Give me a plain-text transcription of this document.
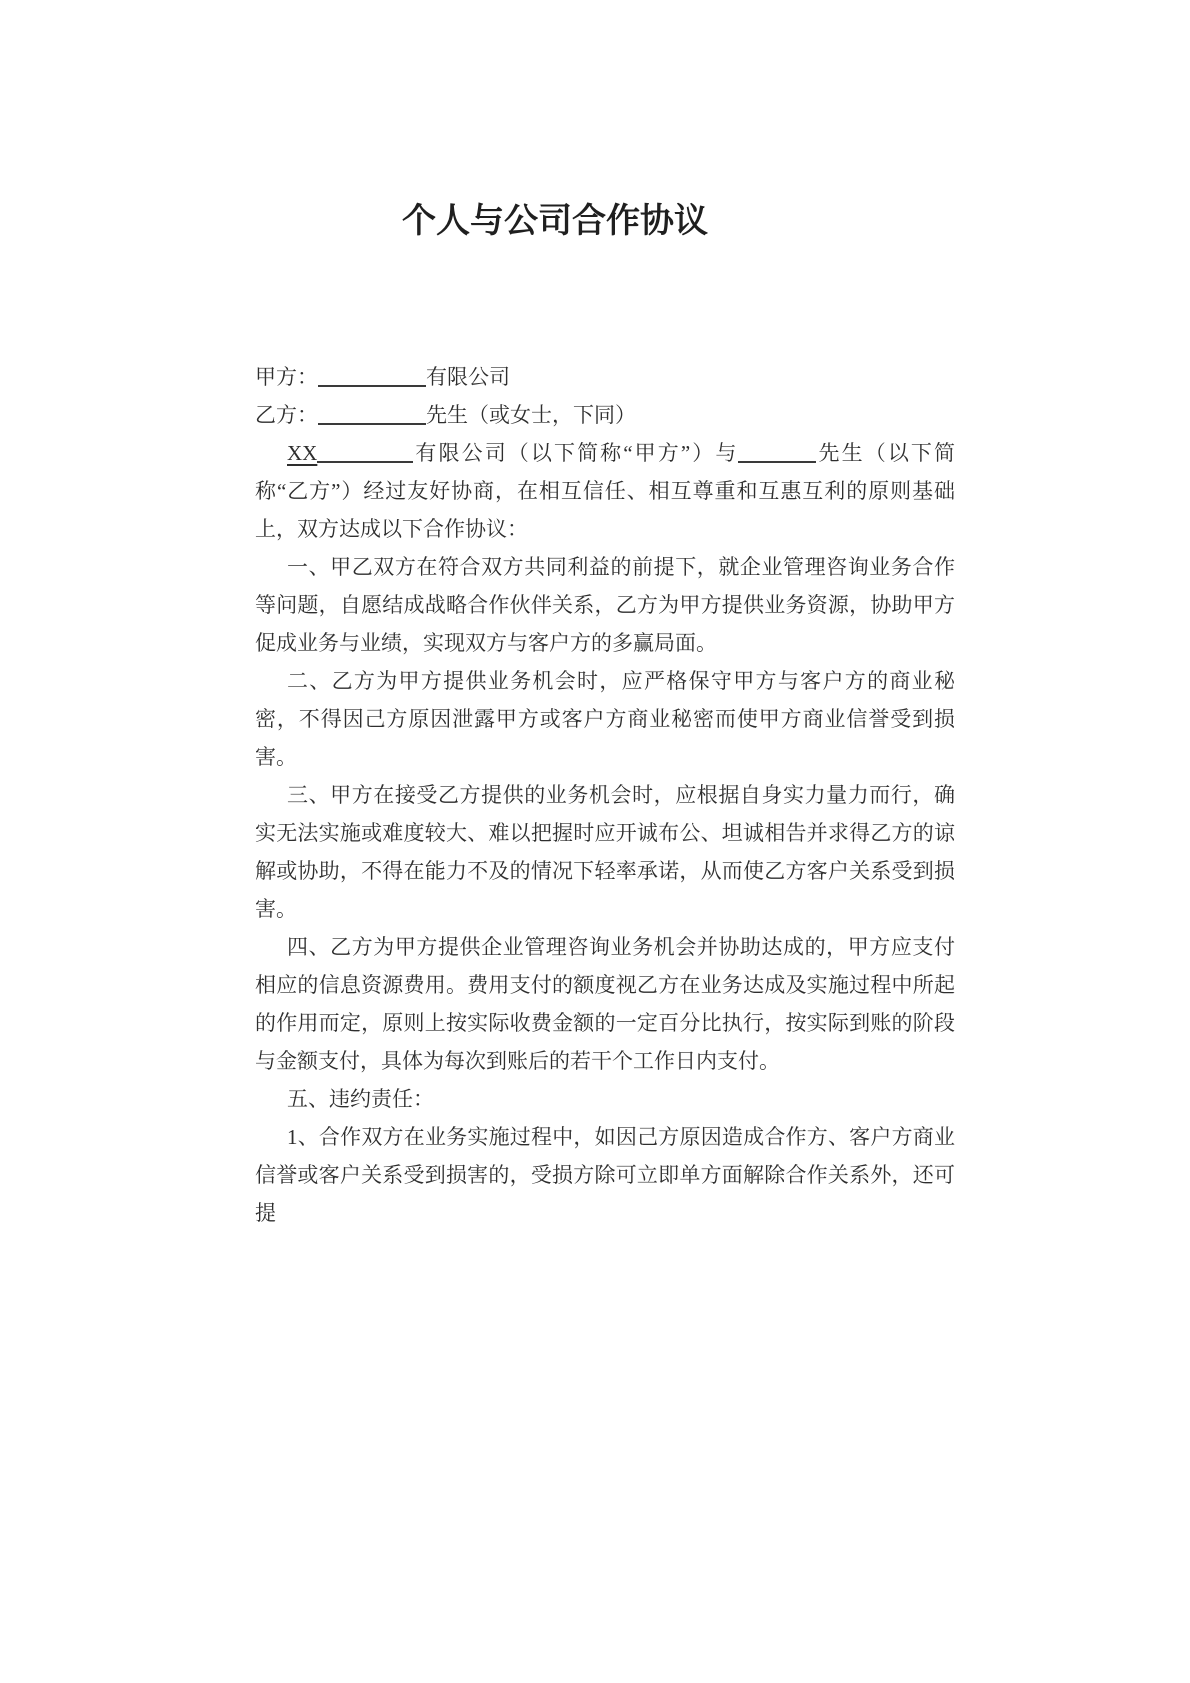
个人与公司合作协议

甲方：	有限公司

乙方：	先生（或女士，下同）

XX	有限公司（以下简称“甲方”）与	先生（以下简称“乙方”）经过友好协商，在相互信任、相互尊重和互惠互利的原则基础上，双方达成以下合作协议：

一、甲乙双方在符合双方共同利益的前提下，就企业管理咨询业务合作等问题，自愿结成战略合作伙伴关系，乙方为甲方提供业务资源，协助甲方促成业务与业绩，实现双方与客户方的多赢局面。

二、乙方为甲方提供业务机会时，应严格保守甲方与客户方的商业秘密，不得因己方原因泄露甲方或客户方商业秘密而使甲方商业信誉受到损害。

三、甲方在接受乙方提供的业务机会时，应根据自身实力量力而行，确实无法实施或难度较大、难以把握时应开诚布公、坦诚相告并求得乙方的谅解或协助，不得在能力不及的情况下轻率承诺，从而使乙方客户关系受到损害。

四、乙方为甲方提供企业管理咨询业务机会并协助达成的，甲方应支付相应的信息资源费用。费用支付的额度视乙方在业务达成及实施过程中所起的作用而定，原则上按实际收费金额的一定百分比执行，按实际到账的阶段与金额支付，具体为每次到账后的若干个工作日内支付。

五、违约责任：

1、合作双方在业务实施过程中，如因己方原因造成合作方、客户方商业信誉或客户关系受到损害的，受损方除可立即单方面解除合作关系外，还可提
